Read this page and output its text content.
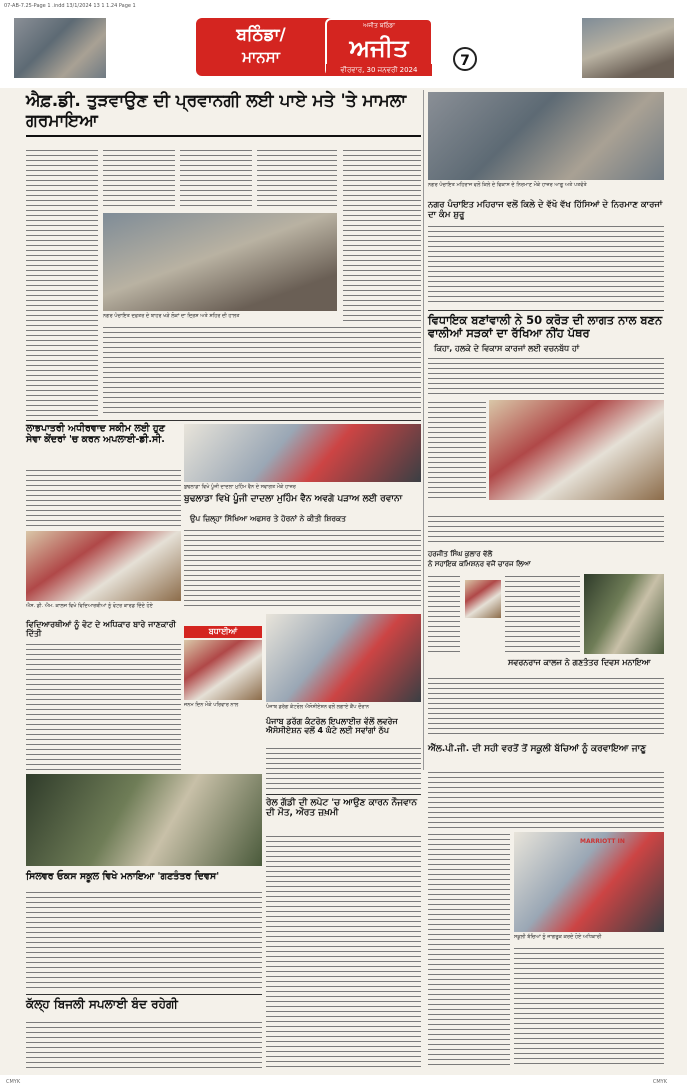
07-AB-7.25-Page 1 .indd 13/1/2024 13 1 1.24 Page 1
ਬਠਿੰਡਾ/
ਮਾਨਸਾ
ਅਜੀਤ ਬਠਿੰਡਾ
ਅਜੀਤ
ਵੀਰਵਾਰ, 30 ਜਨਵਰੀ 2024
7
ਐਫ਼.ਡੀ. ਤੁੜਵਾਉਣ ਦੀ ਪ੍ਰਵਾਨਗੀ ਲਈ ਪਾਏ ਮਤੇ 'ਤੇ ਮਾਮਲਾ ਗਰਮਾਇਆ
ਨਗਰ ਪੰਚਾਇਤ ਦਫ਼ਤਰ ਦੇ ਬਾਹਰ ਖੜੇ ਲੋਕਾਂ ਦਾ ਦ੍ਰਿਸ਼ ਅਤੇ ਸ਼ਹਿਰ ਦੀ ਹਾਲਤ
ਨਗਰ ਪੰਚਾਇਤ ਮਹਿਰਾਜ ਵਲੋਂ ਕਿਲੇ ਦੇ ਵਿਕਾਸ ਦੇ ਨਿਰਮਾਣ ਮੌਕੇ ਹਾਜ਼ਰ ਆਗੂ ਅਤੇ ਪਤਵੰਤੇ
ਨਗਰ ਪੰਚਾਇਤ ਮਹਿਰਾਜ ਵਲੋਂ ਕਿਲੇ ਦੇ ਵੱਖੋ ਵੱਖ ਹਿੱਸਿਆਂ ਦੇ ਨਿਰਮਾਣ ਕਾਰਜਾਂ ਦਾ ਕੰਮ ਸ਼ੁਰੂ
ਵਿਧਾਇਕ ਬਣਾਂਵਾਲੀ ਨੇ 50 ਕਰੋੜ ਦੀ ਲਾਗਤ ਨਾਲ ਬਣਨ ਵਾਲੀਆਂ ਸੜਕਾਂ ਦਾ ਰੱਖਿਆ ਨੀਂਹ ਪੱਥਰ
ਕਿਹਾ, ਹਲਕੇ ਦੇ ਵਿਕਾਸ ਕਾਰਜਾਂ ਲਈ ਵਚਨਬੱਧ ਹਾਂ
ਲਾਭਪਾਤਰੀ ਅਧੀਰਵਾਦ ਸਕੀਮ ਲਈ ਹੁਣ ਸੇਵਾ ਕੇਂਦਰਾਂ 'ਚ ਕਰਨ ਅਪਲਾਈ-ਡੀ.ਸੀ.
ਬੁਢਲਾਡਾ ਵਿਖੇ ਪੂੰਜੀ ਦਾਦਲਾ ਮੁਹਿੰਮ ਵੈਨ ਦੇ ਸਵਾਗਤ ਮੌਕੇ ਹਾਜ਼ਰ
ਬੁਢਲਾਡਾ ਵਿਖੇ ਪੂੰਜੀ ਦਾਦਲਾ ਮੁਹਿੰਮ ਵੈਨ ਅਵਗੇ ਪੜਾਅ ਲਈ ਰਵਾਨਾ
ਉਪ ਜ਼ਿਲ੍ਹਾ ਸਿੱਖਿਆ ਅਫਸਰ ਤੇ ਹੋਰਨਾਂ ਨੇ ਕੀਤੀ ਸ਼ਿਰਕਤ
ਐਸ. ਡੀ. ਐਮ. ਕਾਲਜ ਵਿਖੇ ਵਿਦਿਆਰਥੀਆਂ ਨੂੰ ਵੋਟਰ ਕਾਰਡ ਦਿੰਦੇ ਹੋਏ
ਵਿਦਿਆਰਥੀਆਂ ਨੂੰ ਵੋਟ ਦੇ ਅਧਿਕਾਰ ਬਾਰੇ ਜਾਣਕਾਰੀ ਦਿੱਤੀ	ਬਧਾਈਆਂ
ਜਨਮ ਦਿਨ ਮੌਕੇ ਪਰਿਵਾਰ ਨਾਲ	ਪੰਜਾਬ ਡਰੱਗ ਕੰਟਰੋਲ ਐਸੋਸੀਏਸ਼ਨ ਵਲੋਂ ਲਗਾਏ ਕੈਂਪ ਦੌਰਾਨ
ਪੰਜਾਬ ਡਰੱਗ ਕੰਟਰੋਲ ਇਪਲਾਈਜ਼ ਵੱਲੋਂ ਲਵਰੇਜ ਐਸੋਸੀਏਸ਼ਨ ਵਲੋਂ 4 ਘੰਟੇ ਲਈ ਸਵਾਂਗਾਂ ਠੱਪ
ਹਰਜੀਤ ਸਿੰਘ ਕੁਲਾਰ ਵੱਲੋਂ
ਨੇ ਸਹਾਇਕ ਕਮਿਸ਼ਨਰ ਵਜੋਂ ਚਾਰਜ ਲਿਆ
ਸਵਰਨਰਾਜ ਕਾਲਜ ਨੇ ਗਣਤੰਤਰ ਦਿਵਸ ਮਨਾਇਆ
ਸਿਲਵਰ ਓਕਸ ਸਕੂਲ ਵਿਖੇ ਮਨਾਇਆ 'ਗਣਤੰਤਰ ਦਿਵਸ'
ਕੱਲ੍ਹ ਬਿਜਲੀ ਸਪਲਾਈ ਬੰਦ ਰਹੇਗੀ
ਐੱਲ.ਪੀ.ਜੀ. ਦੀ ਸਹੀ ਵਰਤੋਂ ਤੋਂ ਸਕੂਲੀ ਬੱਚਿਆਂ ਨੂੰ ਕਰਵਾਇਆ ਜਾਣੂ
ਰੇਲ ਗੱਡੀ ਦੀ ਲਪੇਟ 'ਚ ਆਉਣ ਕਾਰਨ ਨੌਜਵਾਨ ਦੀ ਮੌਤ, ਔਰਤ ਜ਼ਖ਼ਮੀ
MARRIOTT IN
ਸਕੂਲੀ ਬੱਚਿਆਂ ਨੂੰ ਜਾਗਰੂਕ ਕਰਦੇ ਹੋਏ ਅਧਿਕਾਰੀ
CMYK	CMYK
